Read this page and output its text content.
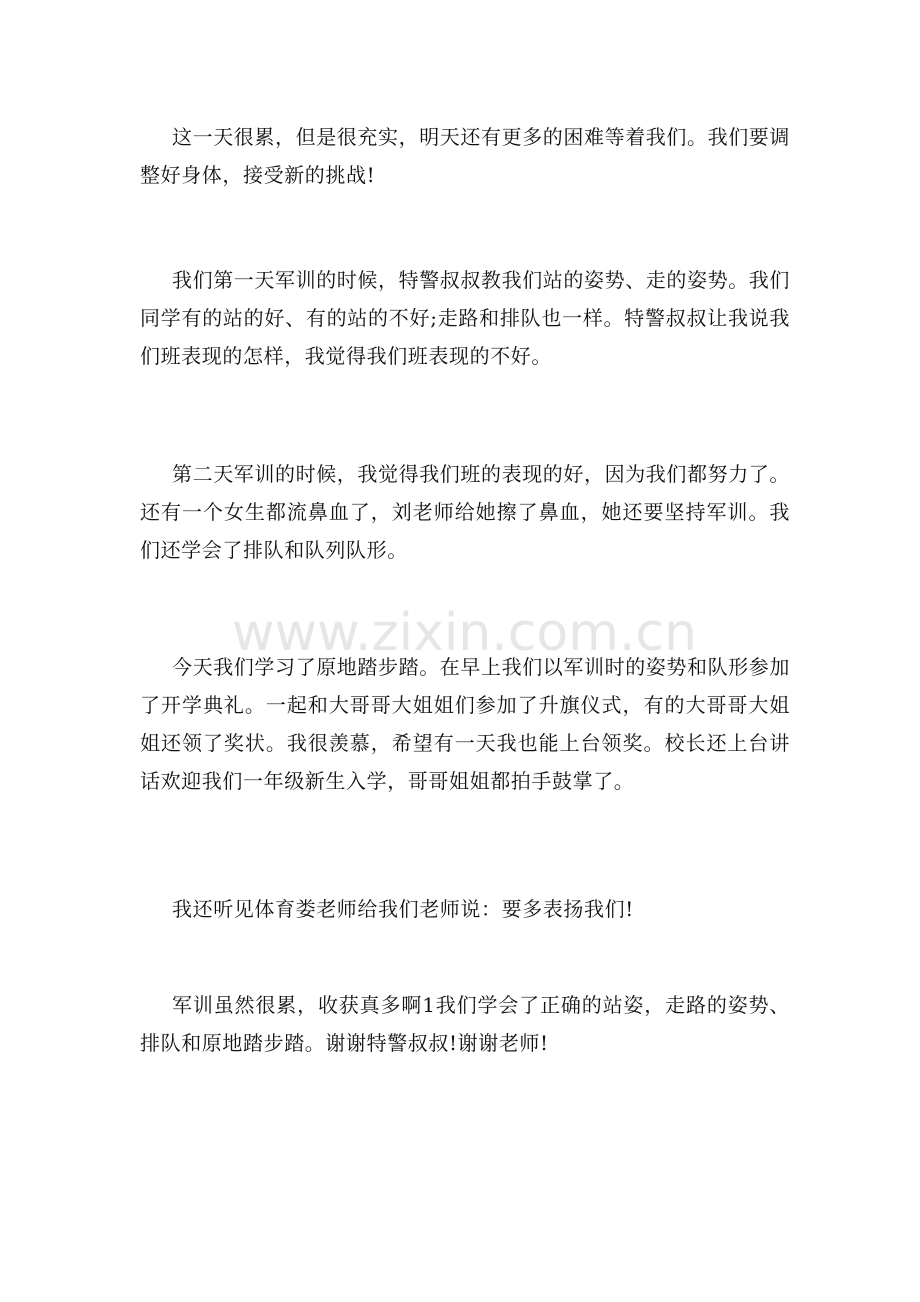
这一天很累，但是很充实，明天还有更多的困难等着我们。我们要调整好身体，接受新的挑战!

我们第一天军训的时候，特警叔叔教我们站的姿势、走的姿势。我们同学有的站的好、有的站的不好;走路和排队也一样。特警叔叔让我说我们班表现的怎样，我觉得我们班表现的不好。

第二天军训的时候，我觉得我们班的表现的好，因为我们都努力了。还有一个女生都流鼻血了，刘老师给她擦了鼻血，她还要坚持军训。我们还学会了排队和队列队形。

www.zixin.com.cn

今天我们学习了原地踏步踏。在早上我们以军训时的姿势和队形参加了开学典礼。一起和大哥哥大姐姐们参加了升旗仪式，有的大哥哥大姐姐还领了奖状。我很羡慕，希望有一天我也能上台领奖。校长还上台讲话欢迎我们一年级新生入学，哥哥姐姐都拍手鼓掌了。

我还听见体育娄老师给我们老师说：要多表扬我们!

军训虽然很累，收获真多啊1我们学会了正确的站姿，走路的姿势、排队和原地踏步踏。谢谢特警叔叔!谢谢老师!
